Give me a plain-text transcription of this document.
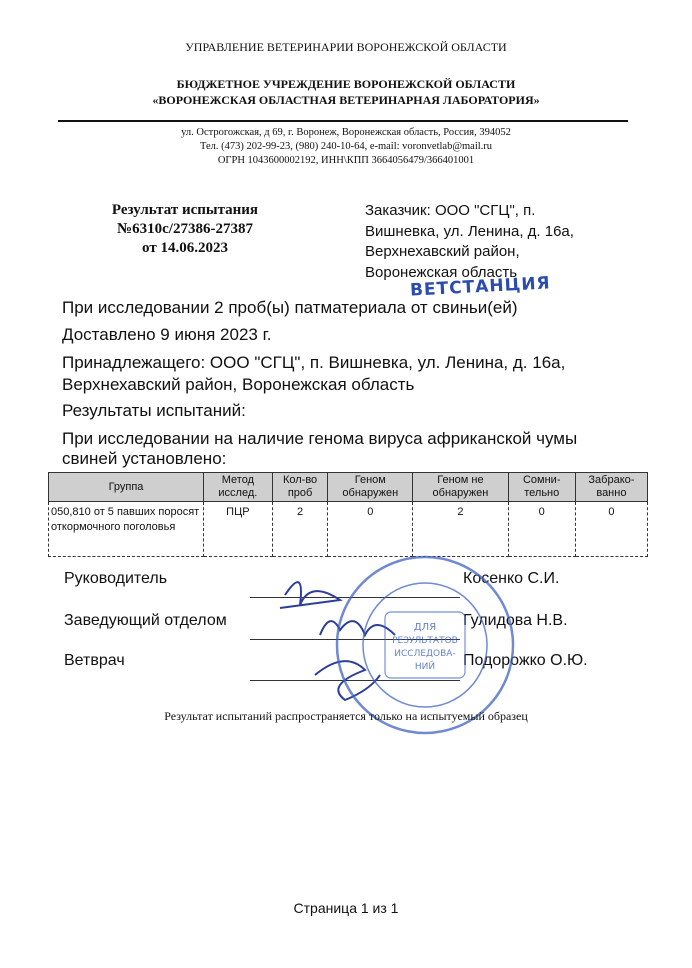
УПРАВЛЕНИЕ ВЕТЕРИНАРИИ ВОРОНЕЖСКОЙ ОБЛАСТИ
БЮДЖЕТНОЕ УЧРЕЖДЕНИЕ ВОРОНЕЖСКОЙ ОБЛАСТИ
«ВОРОНЕЖСКАЯ ОБЛАСТНАЯ ВЕТЕРИНАРНАЯ ЛАБОРАТОРИЯ»
ул. Острогожская, д 69, г. Воронеж, Воронежская область, Россия, 394052
Тел. (473) 202-99-23, (980) 240-10-64, e-mail: voronvetlab@mail.ru
ОГРН 1043600002192, ИНН\КПП 3664056479/366401001
Результат испытания
№6310с/27386-27387
от 14.06.2023
Заказчик: ООО "СГЦ", п.
Вишневка, ул. Ленина, д. 16а,
Верхнехавский район,
Воронежская область
ВЕТСТАНЦИЯ
При исследовании 2 проб(ы) патматериала от свиньи(ей)
Доставлено 9 июня 2023 г.
Принадлежащего: ООО "СГЦ", п. Вишневка, ул. Ленина, д. 16а,
Верхнехавский район, Воронежская область
Результаты испытаний:
При исследовании на наличие генома вируса африканской чумы
свиней установлено:
Группа	Метод исслед.	Кол-во проб	Геном обнаружен	Геном не обнаружен	Сомни-тельно	Забрако-ванно
050,810 от 5 павших поросят откормочного поголовья	ПЦР	2	0	2	0	0
Руководитель	Косенко С.И.
Заведующий отделом	Гулидова Н.В.
Ветврач	Подорожко О.Ю.
ДЛЯ
РЕЗУЛЬТАТОВ
ИССЛЕДОВА-
НИЙ
Результат испытаний распространяется только на испытуемый образец
Страница 1 из 1
